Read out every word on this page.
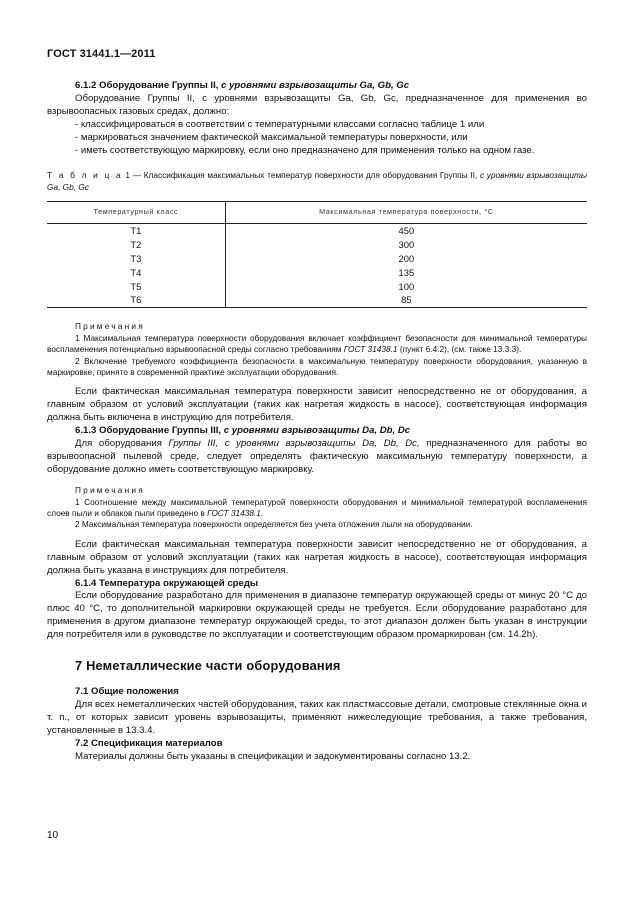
ГОСТ 31441.1—2011

6.1.2 Оборудование Группы II, с уровнями взрывозащиты Ga, Gb, Gc

Оборудование Группы II, с уровнями взрывозащиты Ga, Gb, Gc, предназначенное для применения во взрывоопасных газовых средах, должно:

- классифицироваться в соответствии с температурными классами согласно таблице 1 или

- маркироваться значением фактической максимальной температуры поверхности, или

- иметь соответствующую маркировку, если оно предназначено для применения только на одном газе.

Т а б л и ц а 1 — Классификация максимальных температур поверхности для оборудования Группы II, с уровнями взрывозащиты Ga, Gb, Gc
Температурный класс	Максимальная температура поверхности, °С
T1	450
T2	300
T3	200
T4	135
T5	100
T6	85
Примечания

1 Максимальная температура поверхности оборудования включает коэффициент безопасности для минимальной температуры воспламенения потенциально взрывоопасной среды согласно требованиям ГОСТ 31438.1 (пункт 6.4.2), (см. также 13.3.3).

2 Включение требуемого коэффициента безопасности в максимальную температуру поверхности оборудования, указанную в маркировке, принято в современной практике эксплуатации оборудования.

Если фактическая максимальная температура поверхности зависит непосредственно не от оборудования, а главным образом от условий эксплуатации (таких как нагретая жидкость в насосе), соответствующая информация должна быть включена в инструкцию для потребителя.

6.1.3 Оборудование Группы III, с уровнями взрывозащиты Da, Db, Dc

Для оборудования Группы III, с уровнями взрывозащиты Da, Db, Dc, предназначенного для работы во взрывоопасной пылевой среде, следует определять фактическую максимальную температуру поверхности, а оборудование должно иметь соответствующую маркировку.

Примечания

1 Соотношение между максимальной температурой поверхности оборудования и минимальной температурой воспламенения слоев пыли и облаков пыли приведено в ГОСТ 31438.1.

2 Максимальная температура поверхности определяется без учета отложения пыли на оборудовании.

Если фактическая максимальная температура поверхности зависит непосредственно не от оборудования, а главным образом от условий эксплуатации (таких как нагретая жидкость в насосе), соответствующая информация должна быть указана в инструкциях для потребителя.

6.1.4 Температура окружающей среды

Если оборудование разработано для применения в диапазоне температур окружающей среды от минус 20 °С до плюс 40 °С, то дополнительной маркировки окружающей среды не требуется. Если оборудование разработано для применения в другом диапазоне температур окружающей среды, то этот диапазон должен быть указан в инструкции для потребителя или в руководстве по эксплуатации и соответствующим образом промаркирован (см. 14.2h).

7 Неметаллические части оборудования

7.1 Общие положения

Для всех неметаллических частей оборудования, таких как пластмассовые детали, смотровые стеклянные окна и т. п., от которых зависит уровень взрывозащиты, применяют нижеследующие требования, а также требования, установленные в 13.3.4.

7.2 Спецификация материалов

Материалы должны быть указаны в спецификации и задокументированы согласно 13.2.

10
